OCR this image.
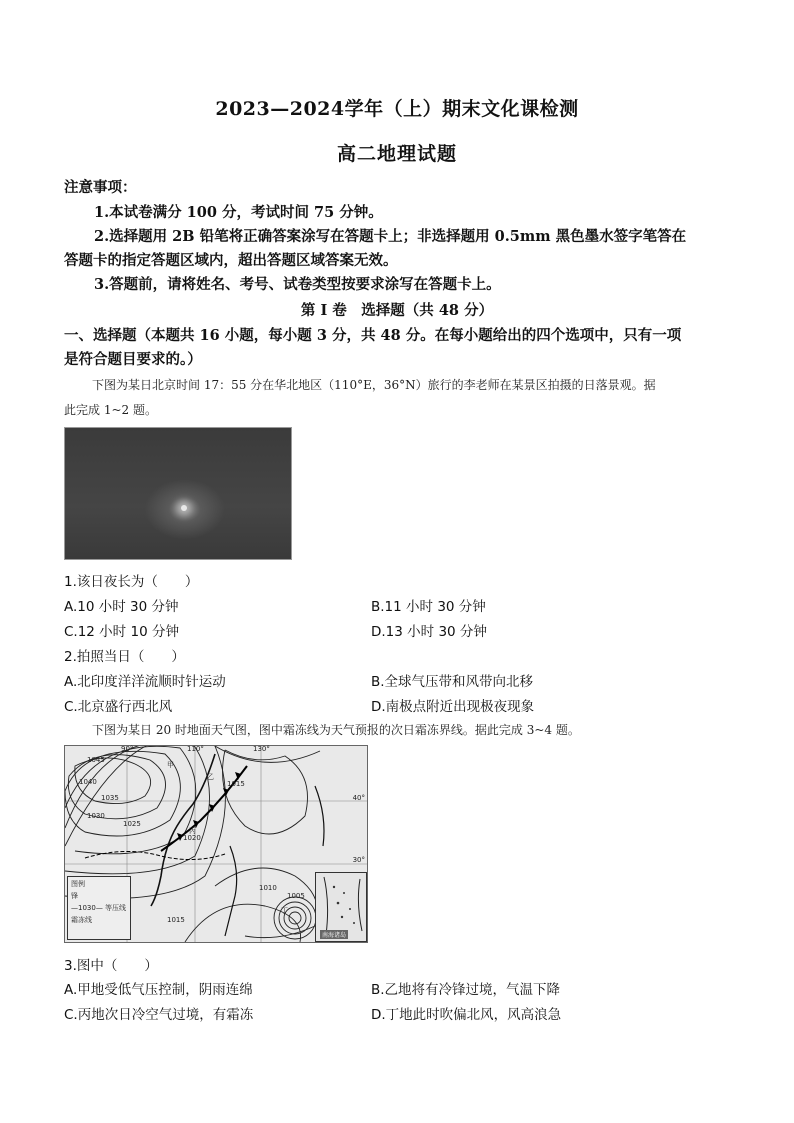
2023—2024学年（上）期末文化课检测
高二地理试题
注意事项：
1.本试卷满分 100 分，考试时间 75 分钟。
2.选择题用 2B 铅笔将正确答案涂写在答题卡上；非选择题用 0.5mm 黑色墨水签字笔答在
答题卡的指定答题区域内，超出答题区域答案无效。
3.答题前，请将姓名、考号、试卷类型按要求涂写在答题卡上。
第 I 卷　选择题（共 48 分）
一、选择题（本题共 16 小题，每小题 3 分，共 48 分。在每小题给出的四个选项中，只有一项
是符合题目要求的。）
下图为某日北京时间 17：55 分在华北地区（110°E，36°N）旅行的李老师在某景区拍摄的日落景观。据
此完成 1~2 题。
1.该日夜长为（　　）
A.10 小时 30 分钟	B.11 小时 30 分钟
C.12 小时 10 分钟	D.13 小时 30 分钟
2.拍照当日（　　）
A.北印度洋洋流顺时针运动	B.全球气压带和风带向北移
C.北京盛行西北风	D.南极点附近出现极夜现象
下图为某日 20 时地面天气图，图中霜冻线为天气预报的次日霜冻界线。据此完成 3~4 题。
90°	110°	130°
40°
30°
1045
1040
1035
1030
1025
1020
1015
1010
1005
1015
甲
乙
丙
丁
图例
锋
—1030— 等压线
霜冻线
南海诸岛
3.图中（　　）
A.甲地受低气压控制，阴雨连绵	B.乙地将有冷锋过境，气温下降
C.丙地次日冷空气过境，有霜冻	D.丁地此时吹偏北风，风高浪急
